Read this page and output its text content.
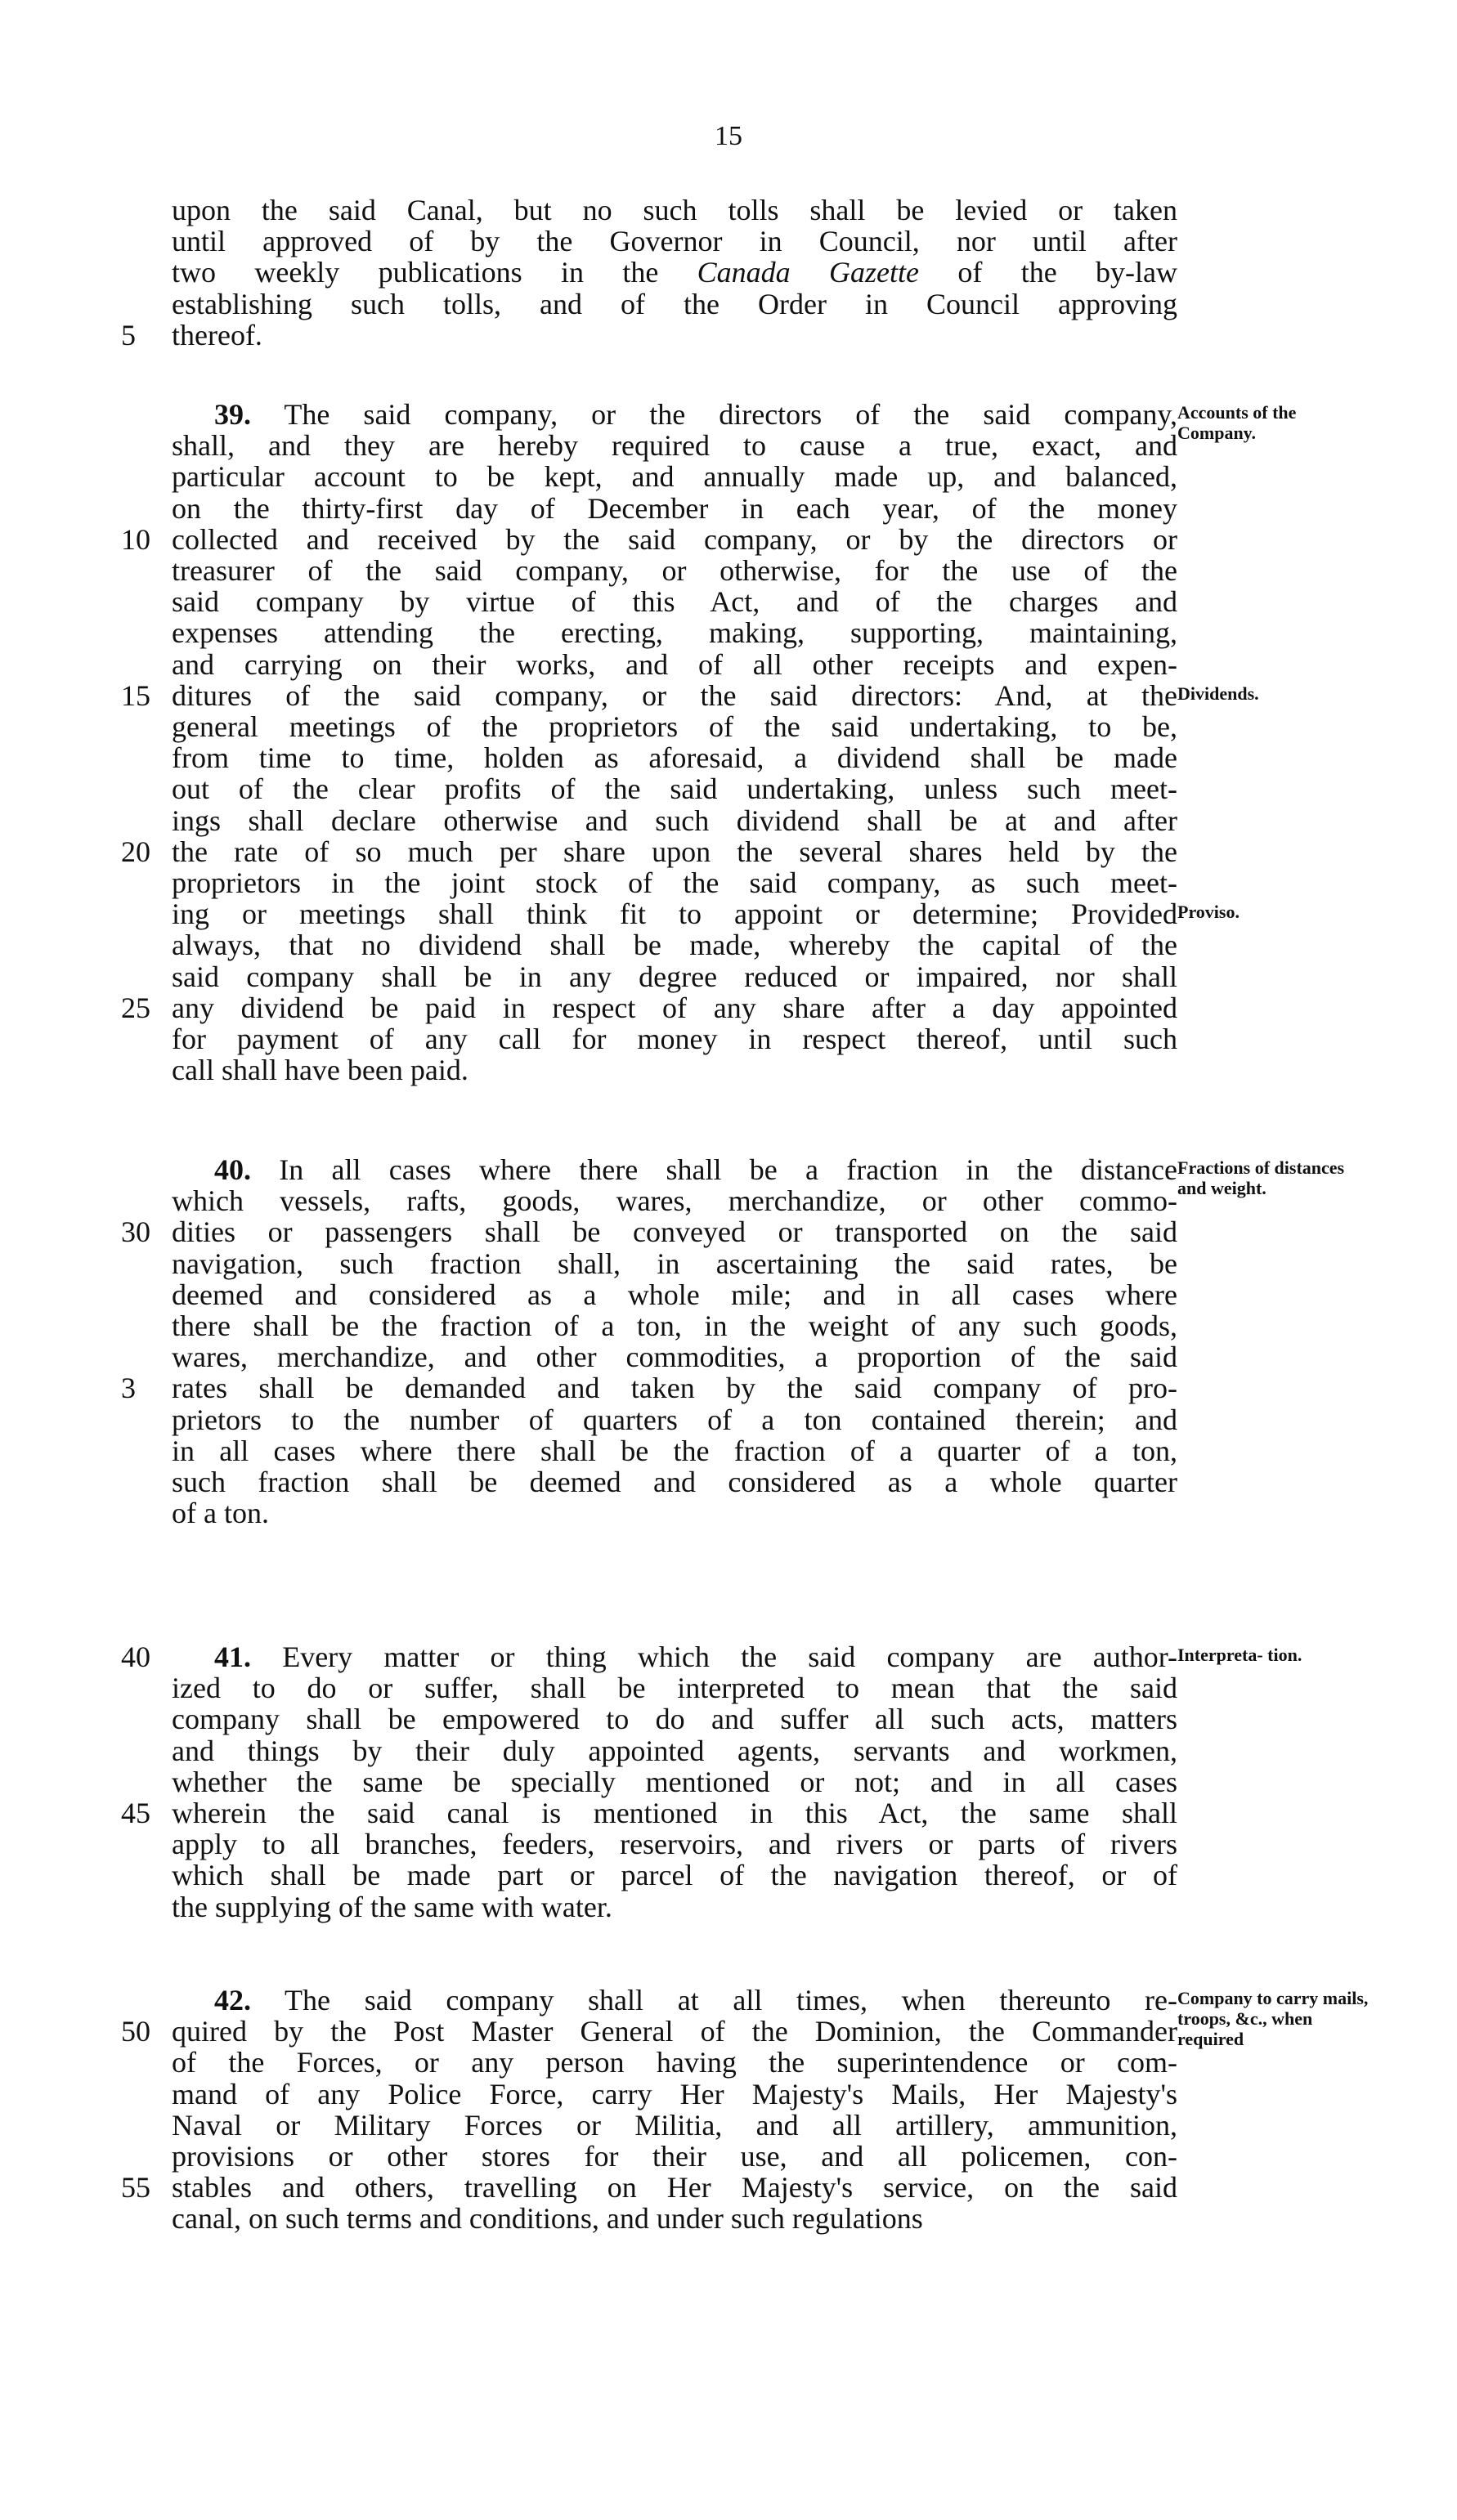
15
upon the said Canal, but no such tolls shall be levied or taken
until approved of by the Governor in Council, nor until after
two weekly publications in the Canada Gazette of the by-law
establishing such tolls, and of the Order in Council approving
5 thereof.
39. The said company, or the directors of the said company,
shall, and they are hereby required to cause a true, exact, and
particular account to be kept, and annually made up, and balanced,
on the thirty-first day of December in each year, of the money
10 collected and received by the said company, or by the directors or
treasurer of the said company, or otherwise, for the use of the
said company by virtue of this Act, and of the charges and
expenses attending the erecting, making, supporting, maintaining,
and carrying on their works, and of all other receipts and expen-
15 ditures of the said company, or the said directors: And, at the
general meetings of the proprietors of the said undertaking, to be,
from time to time, holden as aforesaid, a dividend shall be made
out of the clear profits of the said undertaking, unless such meet-
ings shall declare otherwise and such dividend shall be at and after
20 the rate of so much per share upon the several shares held by the
proprietors in the joint stock of the said company, as such meet-
ing or meetings shall think fit to appoint or determine; Provided
always, that no dividend shall be made, whereby the capital of the
said company shall be in any degree reduced or impaired, nor shall
25 any dividend be paid in respect of any share after a day appointed
for payment of any call for money in respect thereof, until such
call shall have been paid.
Accounts of the Company.
Dividends.
Proviso.
40. In all cases where there shall be a fraction in the distance
which vessels, rafts, goods, wares, merchandize, or other commo-
30 dities or passengers shall be conveyed or transported on the said
navigation, such fraction shall, in ascertaining the said rates, be
deemed and considered as a whole mile; and in all cases where
there shall be the fraction of a ton, in the weight of any such goods,
wares, merchandize, and other commodities, a proportion of the said
3 rates shall be demanded and taken by the said company of pro-
prietors to the number of quarters of a ton contained therein; and
in all cases where there shall be the fraction of a quarter of a ton,
such fraction shall be deemed and considered as a whole quarter
of a ton.
Fractions of distances and weight.
40 41. Every matter or thing which the said company are author-
ized to do or suffer, shall be interpreted to mean that the said
company shall be empowered to do and suffer all such acts, matters
and things by their duly appointed agents, servants and workmen,
whether the same be specially mentioned or not; and in all cases
45 wherein the said canal is mentioned in this Act, the same shall
apply to all branches, feeders, reservoirs, and rivers or parts of rivers
which shall be made part or parcel of the navigation thereof, or of
the supplying of the same with water.
Interpreta- tion.
42. The said company shall at all times, when thereunto re-
50 quired by the Post Master General of the Dominion, the Commander
of the Forces, or any person having the superintendence or com-
mand of any Police Force, carry Her Majesty's Mails, Her Majesty's
Naval or Military Forces or Militia, and all artillery, ammunition,
provisions or other stores for their use, and all policemen, con-
55 stables and others, travelling on Her Majesty's service, on the said
canal, on such terms and conditions, and under such regulations
Company to carry mails, troops, &c., when required
